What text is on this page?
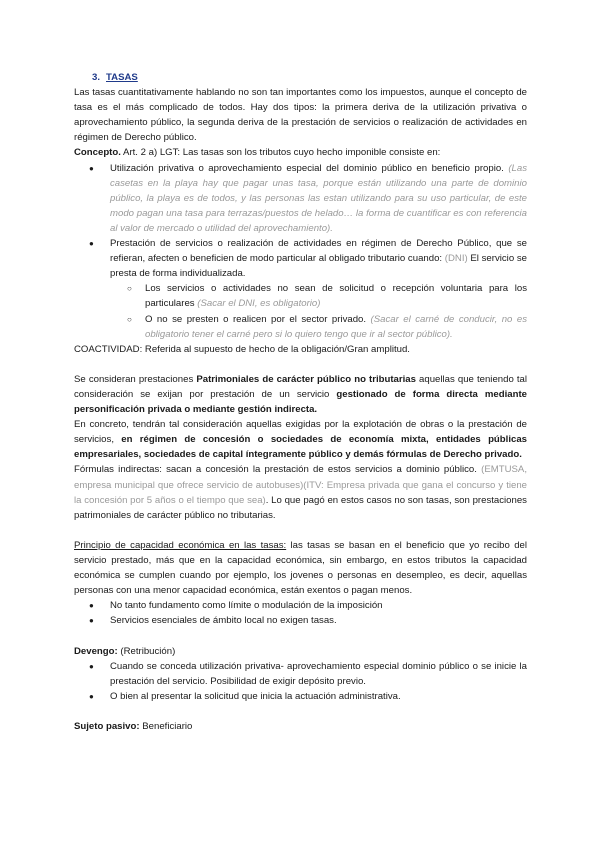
3. TASAS

Las tasas cuantitativamente hablando no son tan importantes como los impuestos, aunque el concepto de tasa es el más complicado de todos. Hay dos tipos: la primera deriva de la utilización privativa o aprovechamiento público, la segunda deriva de la prestación de servicios o realización de actividades en régimen de Derecho público.

Concepto. Art. 2 a) LGT: Las tasas son los tributos cuyo hecho imponible consiste en:

● Utilización privativa o aprovechamiento especial del dominio público en beneficio propio. (Las casetas en la playa hay que pagar unas tasa, porque están utilizando una parte de dominio público, la playa es de todos, y las personas las estan utilizando para su uso particular, de este modo pagan una tasa para terrazas/puestos de helado… la forma de cuantificar es con referencia al valor de mercado o utilidad del aprovechamiento).
● Prestación de servicios o realización de actividades en régimen de Derecho Público, que se refieran, afecten o beneficien de modo particular al obligado tributario cuando: (DNI) El servicio se presta de forma individualizada.
○ Los servicios o actividades no sean de solicitud o recepción voluntaria para los particulares (Sacar el DNI, es obligatorio)
○ O no se presten o realicen por el sector privado. (Sacar el carné de conducir, no es obligatorio tener el carné pero si lo quiero tengo que ir al sector público).

COACTIVIDAD: Referida al supuesto de hecho de la obligación/Gran amplitud.

Se consideran prestaciones Patrimoniales de carácter público no tributarias aquellas que teniendo tal consideración se exijan por prestación de un servicio gestionado de forma directa mediante personificación privada o mediante gestión indirecta.

En concreto, tendrán tal consideración aquellas exigidas por la explotación de obras o la prestación de servicios, en régimen de concesión o sociedades de economía mixta, entidades públicas empresariales, sociedades de capital íntegramente público y demás fórmulas de Derecho privado.

Fórmulas indirectas: sacan a concesión la prestación de estos servicios a dominio público. (EMTUSA, empresa municipal que ofrece servicio de autobuses)(ITV: Empresa privada que gana el concurso y tiene la concesión por 5 años o el tiempo que sea). Lo que pagó en estos casos no son tasas, son prestaciones patrimoniales de carácter público no tributarias.

Principio de capacidad económica en las tasas: las tasas se basan en el beneficio que yo recibo del servicio prestado, más que en la capacidad económica, sin embargo, en estos tributos la capacidad económica se cumplen cuando por ejemplo, los jovenes o personas en desempleo, es decir, aquellas personas con una menor capacidad económica, están exentos o pagan menos.

● No tanto fundamento como límite o modulación de la imposición
● Servicios esenciales de ámbito local no exigen tasas.

Devengo: (Retribución)

● Cuando se conceda utilización privativa- aprovechamiento especial dominio público o se inicie la prestación del servicio. Posibilidad de exigir depósito previo.
● O bien al presentar la solicitud que inicia la actuación administrativa.

Sujeto pasivo: Beneficiario
